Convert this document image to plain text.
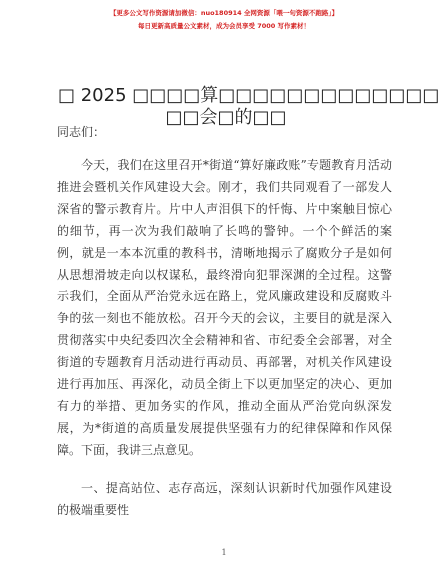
【更多公文写作资源请加微信：nuo180914 全网资源「喂一句资源不跑路」】
每日更新高质量公文素材，成为会员享受 7000 写作素材！
□ 2025 □□□□算□□□□□□□□□□□□□
□□会□的□□
同志们：

今天，我们在这里召开*街道“算好廉政账”专题教育月活动推进会暨机关作风建设大会。刚才，我们共同观看了一部发人深省的警示教育片。片中人声泪俱下的忏悔、片中案触目惊心的细节，再一次为我们敲响了长鸣的警钟。一个个鲜活的案例，就是一本本沉重的教科书，清晰地揭示了腐败分子是如何从思想滑坡走向以权谋私，最终滑向犯罪深渊的全过程。这警示我们，全面从严治党永远在路上，党风廉政建设和反腐败斗争的弦一刻也不能放松。召开今天的会议，主要目的就是深入贯彻落实中央纪委四次全会精神和省、市纪委全会部署，对全街道的专题教育月活动进行再动员、再部署，对机关作风建设进行再加压、再深化，动员全街上下以更加坚定的决心、更加有力的举措、更加务实的作风，推动全面从严治党向纵深发展，为*街道的高质量发展提供坚强有力的纪律保障和作风保障。下面，我讲三点意见。

一、提高站位、志存高远，深刻认识新时代加强作风建设的极端重要性

1
